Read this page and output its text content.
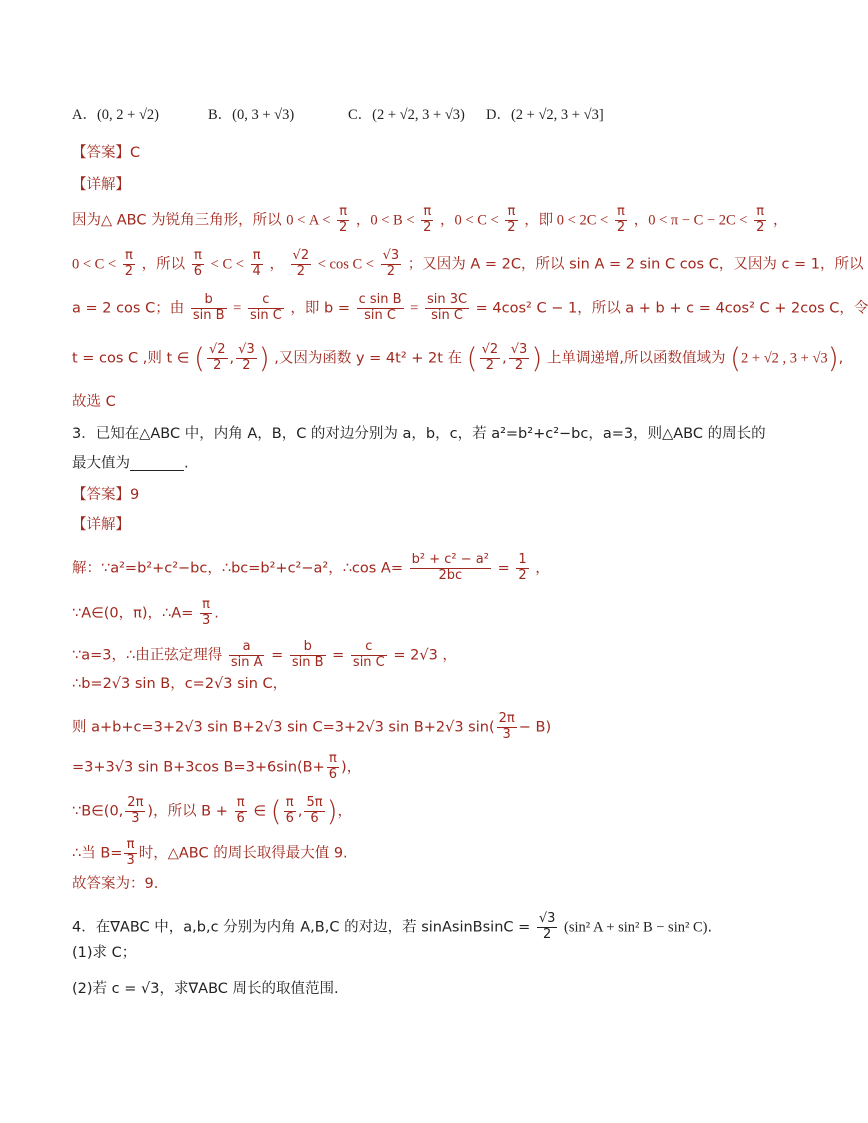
A．(0, 2 + √2)	B．(0, 3 + √3)	C．(2 + √2, 3 + √3) D．(2 + √2, 3 + √3]
【答案】C
【详解】
因为△ ABC 为锐角三角形，所以 $0 < A < \frac{\pi}{2}$ ，$0 < B < \frac{\pi}{2}$ ，$0 < C < \frac{\pi}{2}$ ，即 $0 < 2C < \frac{\pi}{2}$ ，$0 < \pi - C - 2C < \frac{\pi}{2}$ ，
$0 < C < \frac{\pi}{2}$ ，所以 $\frac{\pi}{6} < C < \frac{\pi}{4}$ ， $\frac{√2}{2} < \cos C < \frac{√3}{2}$ ；又因为 A = 2C，所以 sin A = 2 sin C cos C，又因为 c = 1，所以
a = 2 cos C；由 $\frac{b}{\text{sin B}} = \frac{c}{\text{sin C}}$ ，即 $b = \frac{\text{c sin B}}{\text{sin C}} = \frac{\sin 3C}{\text{sin C}} = 4\cos^2$ C − 1，所以 a + b + c = 4cos² C + 2cos C，令
t = cos C ,则 t ∈ ( $\frac{√2}{2}$ , $\frac{√3}{2}$ ) ,又因为函数 y = 4t² + 2t 在 ( $\frac{√2}{2}$ , $\frac{√3}{2}$ ) 上单调递增,所以函数值域为 (2 + √2 , 3 + √3),
故选 C
3．已知在△ABC 中，内角 A，B，C 的对边分别为 a，b，c，若 a²=b²+c²−bc，a=3，则△ABC 的周长的
最大值为	.
【答案】9
【详解】
解：∵a²=b²+c²−bc，∴bc=b²+c²−a²，∴cos $A= \frac{\text{b² + c² − a²}}{2bc} = \frac{1}{2}$ ，
∵A∈(0，π)，∴A= $\frac{\pi}{3}$ .
∵a=3，∴由正弦定理得 $\frac{a}{\text{sin A}} = \frac{b}{\text{sin B}} = \frac{c}{\text{sin C}} = 2√3$ ，
∴b=2√3 sin B，c=2√3 sin C，
则 a+b+c=3+2√3 sin B+2√3 sin C=3+2√3 sin B+2√3 $\sin( \frac{2\pi}{3} - B)$
=3+3√3 sin B+3cos $B=3+6\sin(B+ \frac{\pi}{6}$ )，
∵B∈(0, $\frac{2\pi}{3}$ )，所以 $B + \frac{\pi}{6}$ ∈ ( $\frac{\pi}{6}$ , $\frac{5\pi}{6}$ )，
∴当 $B= \frac{\pi}{3}$ 时，△ABC 的周长取得最大值 9.
故答案为：9.
4．在∇ABC 中，a,b,c 分别为内角 A,B,C 的对边，若 sinAsinBsinC = $\frac{√3}{2} (\sin^2$ A + sin² B − sin² C).
(1)求 C；
(2)若 c = √3，求∇ABC 周长的取值范围.
